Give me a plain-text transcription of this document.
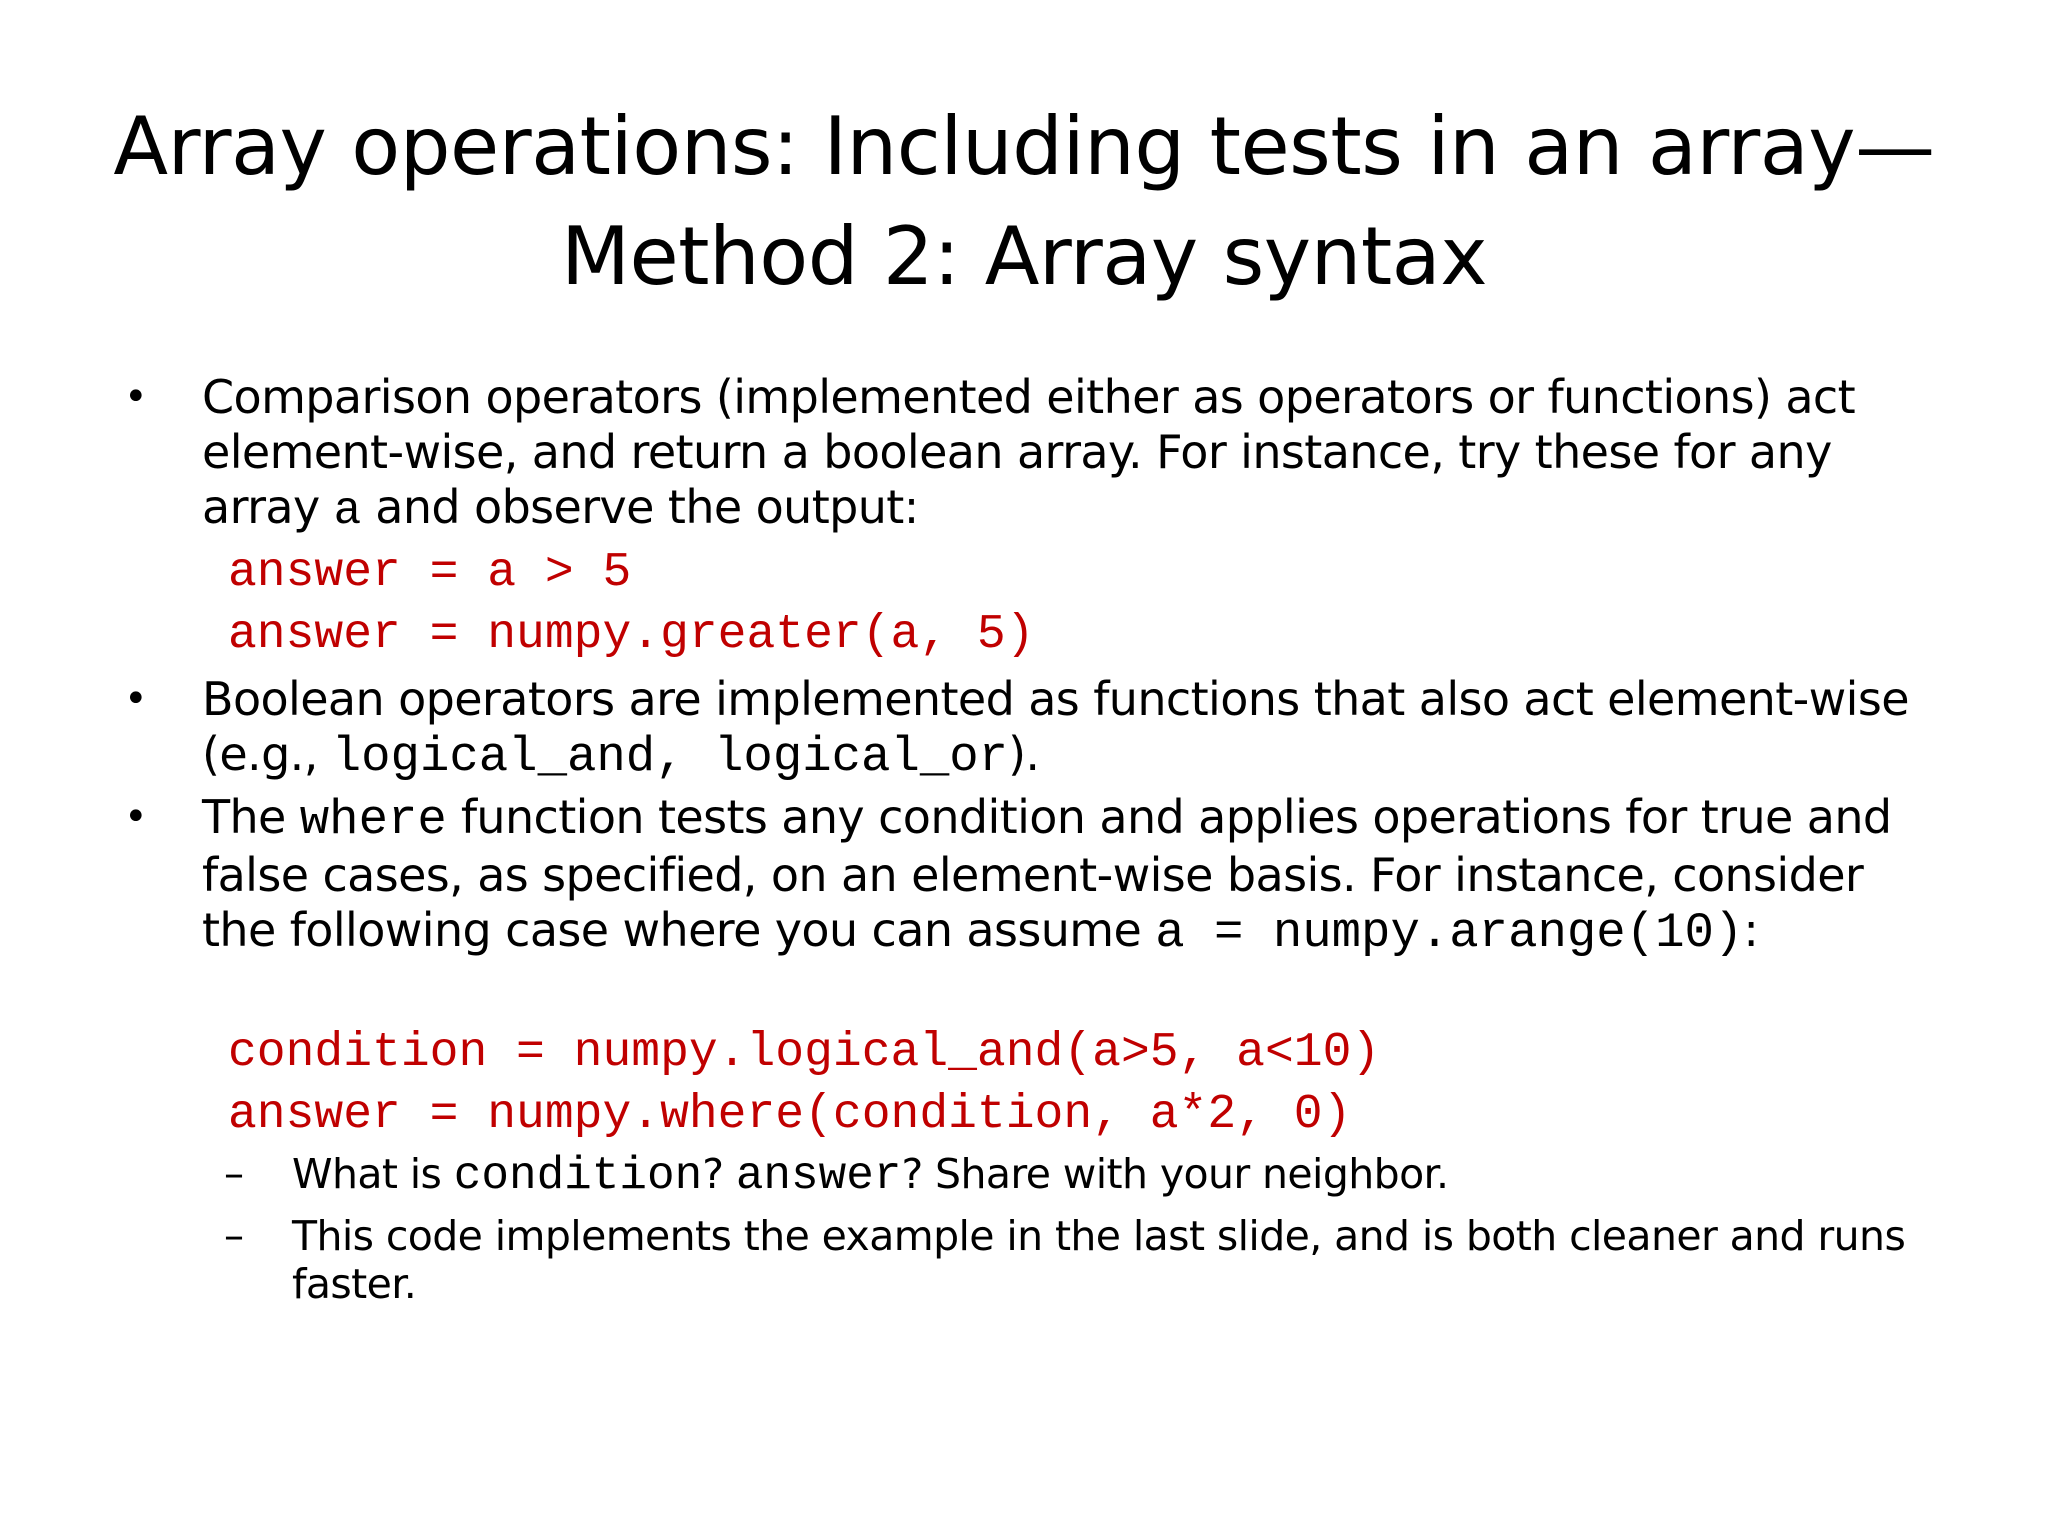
Array operations: Including tests in an array—
Method 2: Array syntax
• Comparison operators (implemented either as operators or functions) act element-wise, and return a boolean array. For instance, try these for any array a and observe the output:
answer = a > 5
answer = numpy.greater(a, 5)
• Boolean operators are implemented as functions that also act element-wise (e.g., logical_and, logical_or).
• The where function tests any condition and applies operations for true and false cases, as specified, on an element-wise basis. For instance, consider the following case where you can assume a = numpy.arange(10):
condition = numpy.logical_and(a>5, a<10)
answer = numpy.where(condition, a*2, 0)
– What is condition? answer? Share with your neighbor.
– This code implements the example in the last slide, and is both cleaner and runs faster.
